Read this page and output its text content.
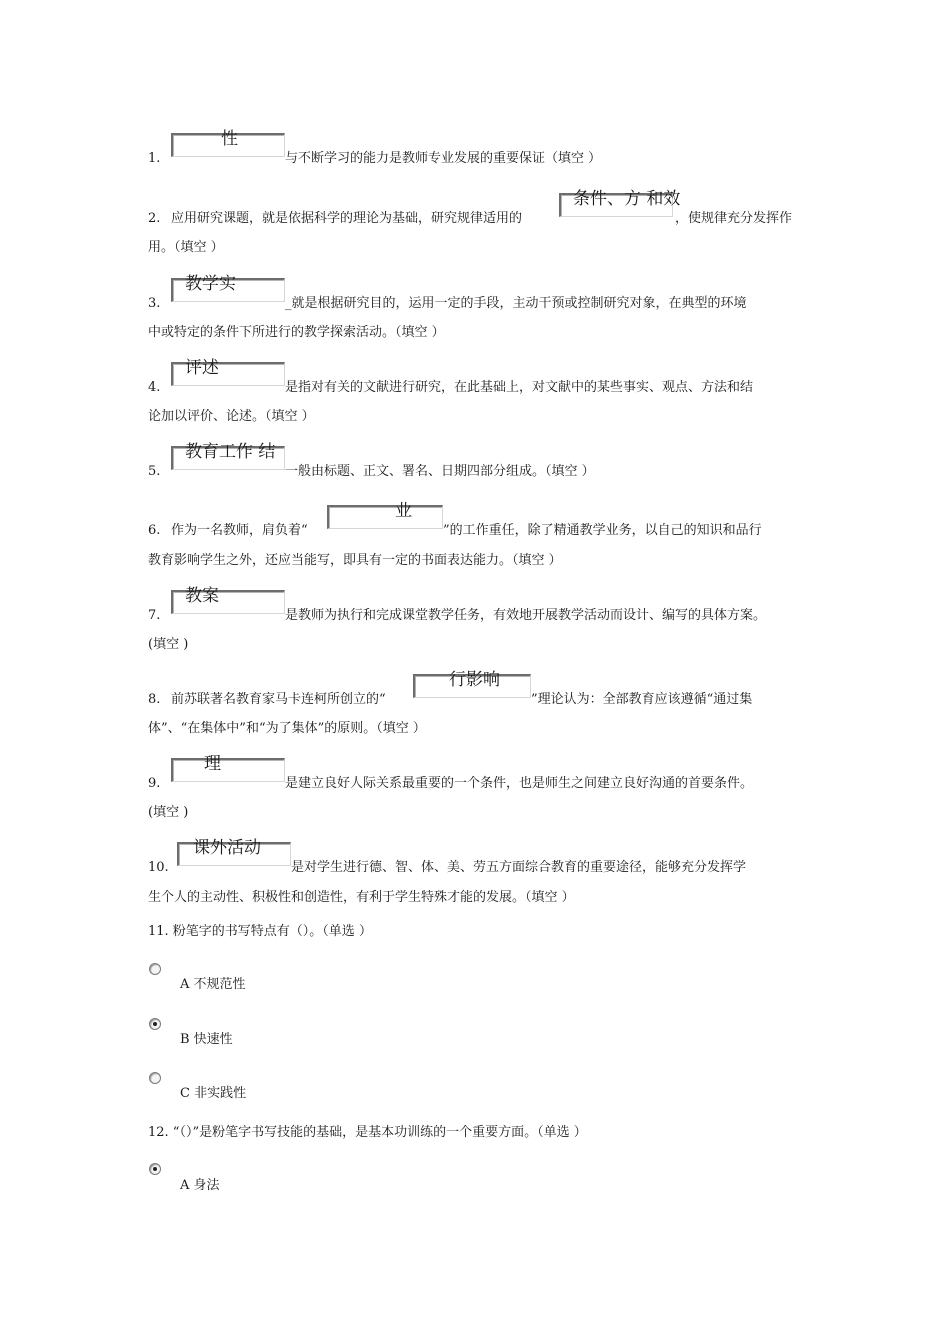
1.
性
与不断学习的能力是教师专业发展的重要保证（填空 ）
2. 应用研究课题，就是依据科学的理论为基础，研究规律适用的
条件、方 和效
，使规律充分发挥作
用。（填空 ）
3.
教学实
_就是根据研究目的，运用一定的手段，主动干预或控制研究对象，在典型的环境
中或特定的条件下所进行的教学探索活动。（填空 ）
4.
评述
是指对有关的文献进行研究，在此基础上，对文献中的某些事实、观点、方法和结
论加以评价、论述。（填空 ）
5.
教育工作 结
一般由标题、正文、署名、日期四部分组成。（填空 ）
6. 作为一名教师，肩负着“
业
”的工作重任，除了精通教学业务，以自己的知识和品行
教育影响学生之外，还应当能写，即具有一定的书面表达能力。（填空 ）
7.
教案
是教师为执行和完成课堂教学任务，有效地开展教学活动而设计、编写的具体方案。
(填空 )
8. 前苏联著名教育家马卡连柯所创立的“
行影响
”理论认为：全部教育应该遵循“通过集
体”、“在集体中”和“为了集体”的原则。（填空 ）
9.
理
是建立良好人际关系最重要的一个条件，也是师生之间建立良好沟通的首要条件。
(填空 )
10.
课外活动
是对学生进行德、智、体、美、劳五方面综合教育的重要途径，能够充分发挥学
生个人的主动性、积极性和创造性，有利于学生特殊才能的发展。（填空 ）
11. 粉笔字的书写特点有（）。（单选 ）
A 不规范性
B 快速性
C 非实践性
12. “（）”是粉笔字书写技能的基础，是基本功训练的一个重要方面。（单选 ）
A 身法
